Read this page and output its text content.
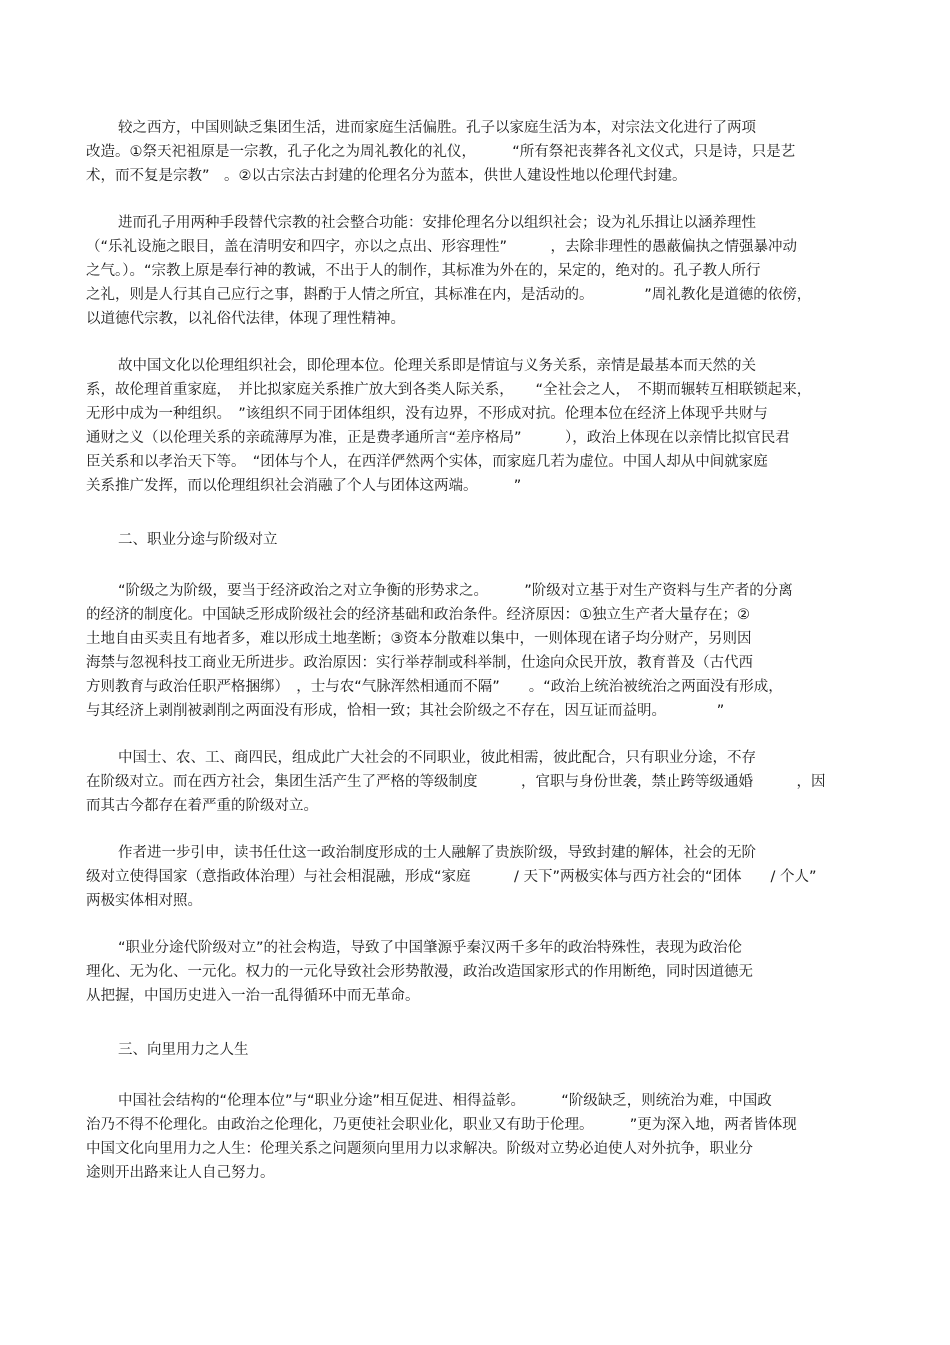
较之西方，中国则缺乏集团生活，进而家庭生活偏胜。孔子以家庭生活为本，对宗法文化进行了两项
改造。①祭天祀祖原是一宗教，孔子化之为周礼教化的礼仪，　　　“所有祭祀丧葬各礼文仪式，只是诗，只是艺
术，而不复是宗教”　。②以古宗法古封建的伦理名分为蓝本，供世人建设性地以伦理代封建。
进而孔子用两种手段替代宗教的社会整合功能：安排伦理名分以组织社会；设为礼乐揖让以涵养理性
（“乐礼设施之眼目，盖在清明安和四字，亦以之点出、形容理性”　　　，去除非理性的愚蔽偏执之情强暴冲动
之气。）。“宗教上原是奉行神的教诫，不出于人的制作，其标准为外在的，呆定的，绝对的。孔子教人所行
之礼，则是人行其自己应行之事，斟酌于人情之所宜，其标准在内，是活动的。　　　　”周礼教化是道德的依傍，
以道德代宗教，以礼俗代法律，体现了理性精神。
故中国文化以伦理组织社会，即伦理本位。伦理关系即是情谊与义务关系，亲情是最基本而天然的关
系，故伦理首重家庭，　并比拟家庭关系推广放大到各类人际关系，　　“全社会之人，　不期而辗转互相联锁起来，
无形中成为一种组织。　”该组织不同于团体组织，没有边界，不形成对抗。伦理本位在经济上体现乎共财与
通财之义（以伦理关系的亲疏薄厚为准，正是费孝通所言“差序格局”　　　），政治上体现在以亲情比拟官民君
臣关系和以孝治天下等。　“团体与个人，在西洋俨然两个实体，而家庭几若为虚位。中国人却从中间就家庭
关系推广发挥，而以伦理组织社会消融了个人与团体这两端。　　　”
二、职业分途与阶级对立
“阶级之为阶级，要当于经济政治之对立争衡的形势求之。　　　”阶级对立基于对生产资料与生产者的分离
的经济的制度化。中国缺乏形成阶级社会的经济基础和政治条件。经济原因：①独立生产者大量存在；②
土地自由买卖且有地者多，难以形成土地垄断；③资本分散难以集中，一则体现在诸子均分财产，另则因
海禁与忽视科技工商业无所进步。政治原因：实行举荐制或科举制，仕途向众民开放，教育普及（古代西
方则教育与政治任职严格捆绑）　，士与农“气脉浑然相通而不隔”　　。“政治上统治被统治之两面没有形成，
与其经济上剥削被剥削之两面没有形成，恰相一致；其社会阶级之不存在，因互证而益明。　　　　”
中国士、农、工、商四民，组成此广大社会的不同职业，彼此相需，彼此配合，只有职业分途，不存
在阶级对立。而在西方社会，集团生活产生了严格的等级制度　　　，官职与身份世袭，禁止跨等级通婚　　　，因
而其古今都存在着严重的阶级对立。
作者进一步引申，读书任仕这一政治制度形成的士人融解了贵族阶级，导致封建的解体，社会的无阶
级对立使得国家（意指政体治理）与社会相混融，形成“家庭　　　/ 天下”两极实体与西方社会的“团体　　/ 个人”
两极实体相对照。
“职业分途代阶级对立”的社会构造，导致了中国肇源乎秦汉两千多年的政治特殊性，表现为政治伦
理化、无为化、一元化。权力的一元化导致社会形势散漫，政治改造国家形式的作用断绝，同时因道德无
从把握，中国历史进入一治一乱得循环中而无革命。
三、向里用力之人生
中国社会结构的“伦理本位”与“职业分途”相互促进、相得益彰。　　　“阶级缺乏，则统治为难，中国政
治乃不得不伦理化。由政治之伦理化，乃更使社会职业化，职业又有助于伦理。　　　”更为深入地，两者皆体现
中国文化向里用力之人生：伦理关系之问题须向里用力以求解决。阶级对立势必迫使人对外抗争，职业分
途则开出路来让人自己努力。
